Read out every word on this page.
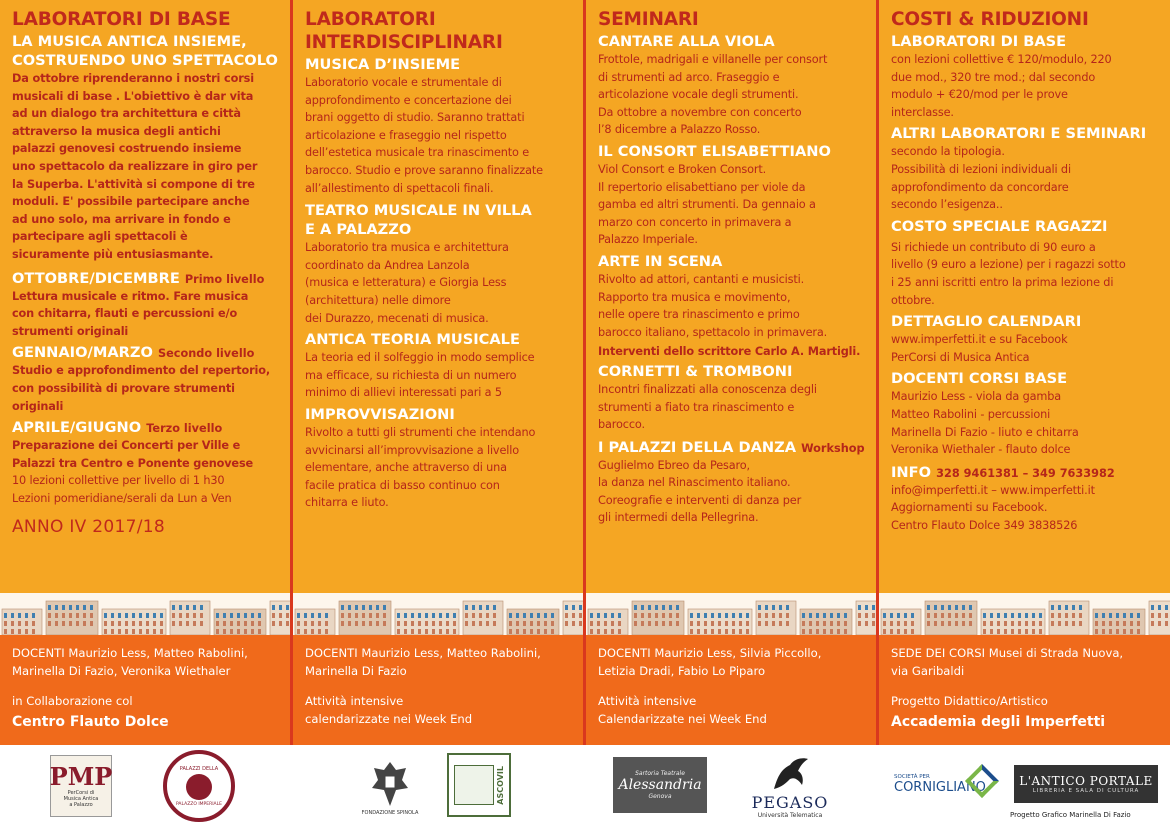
LABORATORI DI BASE
LA MUSICA ANTICA INSIEME,
COSTRUENDO UNO SPETTACOLO
Da ottobre riprenderanno i nostri corsi
musicali di base . L'obiettivo è dar vita
ad un dialogo tra architettura e città
attraverso la musica degli antichi
palazzi genovesi costruendo insieme
uno spettacolo da realizzare in giro per
la Superba. L'attività si compone di tre
moduli. E' possibile partecipare anche
ad uno solo, ma arrivare in fondo e
partecipare agli spettacoli è
sicuramente più entusiasmante.
OTTOBRE/DICEMBRE Primo livello
Lettura musicale e ritmo. Fare musica
con chitarra, flauti e percussioni e/o
strumenti originali
GENNAIO/MARZO Secondo livello
Studio e approfondimento del repertorio,
con possibilità di provare strumenti
originali
APRILE/GIUGNO Terzo livello
Preparazione dei Concerti per Ville e
Palazzi tra Centro e Ponente genovese
10 lezioni collettive per livello di 1 h30
Lezioni pomeridiane/serali da Lun a Ven
ANNO IV 2017/18
DOCENTI Maurizio Less, Matteo Rabolini,
Marinella Di Fazio, Veronika Wiethaler
in Collaborazione col
Centro Flauto Dolce
LABORATORI
INTERDISCIPLINARI
MUSICA D’INSIEME
Laboratorio vocale e strumentale di
approfondimento e concertazione dei
brani oggetto di studio. Saranno trattati
articolazione e fraseggio nel rispetto
dell’estetica musicale tra rinascimento e
barocco. Studio e prove saranno finalizzate
all’allestimento di spettacoli finali.
TEATRO MUSICALE IN VILLA
E A PALAZZO
Laboratorio tra musica e architettura
coordinato da Andrea Lanzola
(musica e letteratura) e Giorgia Less
(architettura) nelle dimore
dei Durazzo, mecenati di musica.
ANTICA TEORIA MUSICALE
La teoria ed il solfeggio in modo semplice
ma efficace, su richiesta di un numero
minimo di allievi interessati pari a 5
IMPROVVISAZIONI
Rivolto a tutti gli strumenti che intendano
avvicinarsi all’improvvisazione a livello
elementare, anche attraverso di una
facile pratica di basso continuo con
chitarra e liuto.
DOCENTI Maurizio Less, Matteo Rabolini,
Marinella Di Fazio
Attività intensive
calendarizzate nei Week End
SEMINARI
CANTARE ALLA VIOLA
Frottole, madrigali e villanelle per consort
di strumenti ad arco. Fraseggio e
articolazione vocale degli strumenti.
Da ottobre a novembre con concerto
l’8 dicembre a Palazzo Rosso.
IL CONSORT ELISABETTIANO
Viol Consort e Broken Consort.
Il repertorio elisabettiano per viole da
gamba ed altri strumenti. Da gennaio a
marzo con concerto in primavera a
Palazzo Imperiale.
ARTE IN SCENA
Rivolto ad attori, cantanti e musicisti.
Rapporto tra musica e movimento,
nelle opere tra rinascimento e primo
barocco italiano, spettacolo in primavera.
Interventi dello scrittore Carlo A. Martigli.
CORNETTI & TROMBONI
Incontri finalizzati alla conoscenza degli
strumenti a fiato tra rinascimento e
barocco.
I PALAZZI DELLA DANZA Workshop
Guglielmo Ebreo da Pesaro,
la danza nel Rinascimento italiano.
Coreografie e interventi di danza per
gli intermedi della Pellegrina.
DOCENTI Maurizio Less, Silvia Piccollo,
Letizia Dradi, Fabio Lo Piparo
Attività intensive
Calendarizzate nei Week End
COSTI & RIDUZIONI
LABORATORI DI BASE
con lezioni collettive € 120/modulo, 220
due mod., 320 tre mod.; dal secondo
modulo + €20/mod per le prove
interclasse.
ALTRI LABORATORI E SEMINARI
secondo la tipologia.
Possibilità di lezioni individuali di
approfondimento da concordare
secondo l’esigenza..
COSTO SPECIALE RAGAZZI
Si richiede un contributo di 90 euro a
livello (9 euro a lezione) per i ragazzi sotto
i 25 anni iscritti entro la prima lezione di
ottobre.
DETTAGLIO CALENDARI
www.imperfetti.it e su Facebook
PerCorsi di Musica Antica
DOCENTI CORSI BASE
Maurizio Less - viola da gamba
Matteo Rabolini - percussioni
Marinella Di Fazio - liuto e chitarra
Veronika Wiethaler - flauto dolce
INFO 328 9461381 – 349 7633982
info@imperfetti.it – www.imperfetti.it
Aggiornamenti su Facebook.
Centro Flauto Dolce 349 3838526
SEDE DEI CORSI Musei di Strada Nuova,
via Garibaldi
Progetto Didattico/Artistico
Accademia degli Imperfetti
PMP
PerCorsi di
Musica Antica
a Palazzo
PALAZZI DELLA
PALAZZO IMPERIALE
FONDAZIONE SPINOLA
ASCOVIL	Sartoria Teatrale
Alessandria
Genova	PEGASO
Università Telematica
SOCIETÀ PER
CORNIGLIANO	L'ANTICO PORTALE
LIBRERIA E SALA DI CULTURA
Progetto Grafico Marinella Di Fazio
